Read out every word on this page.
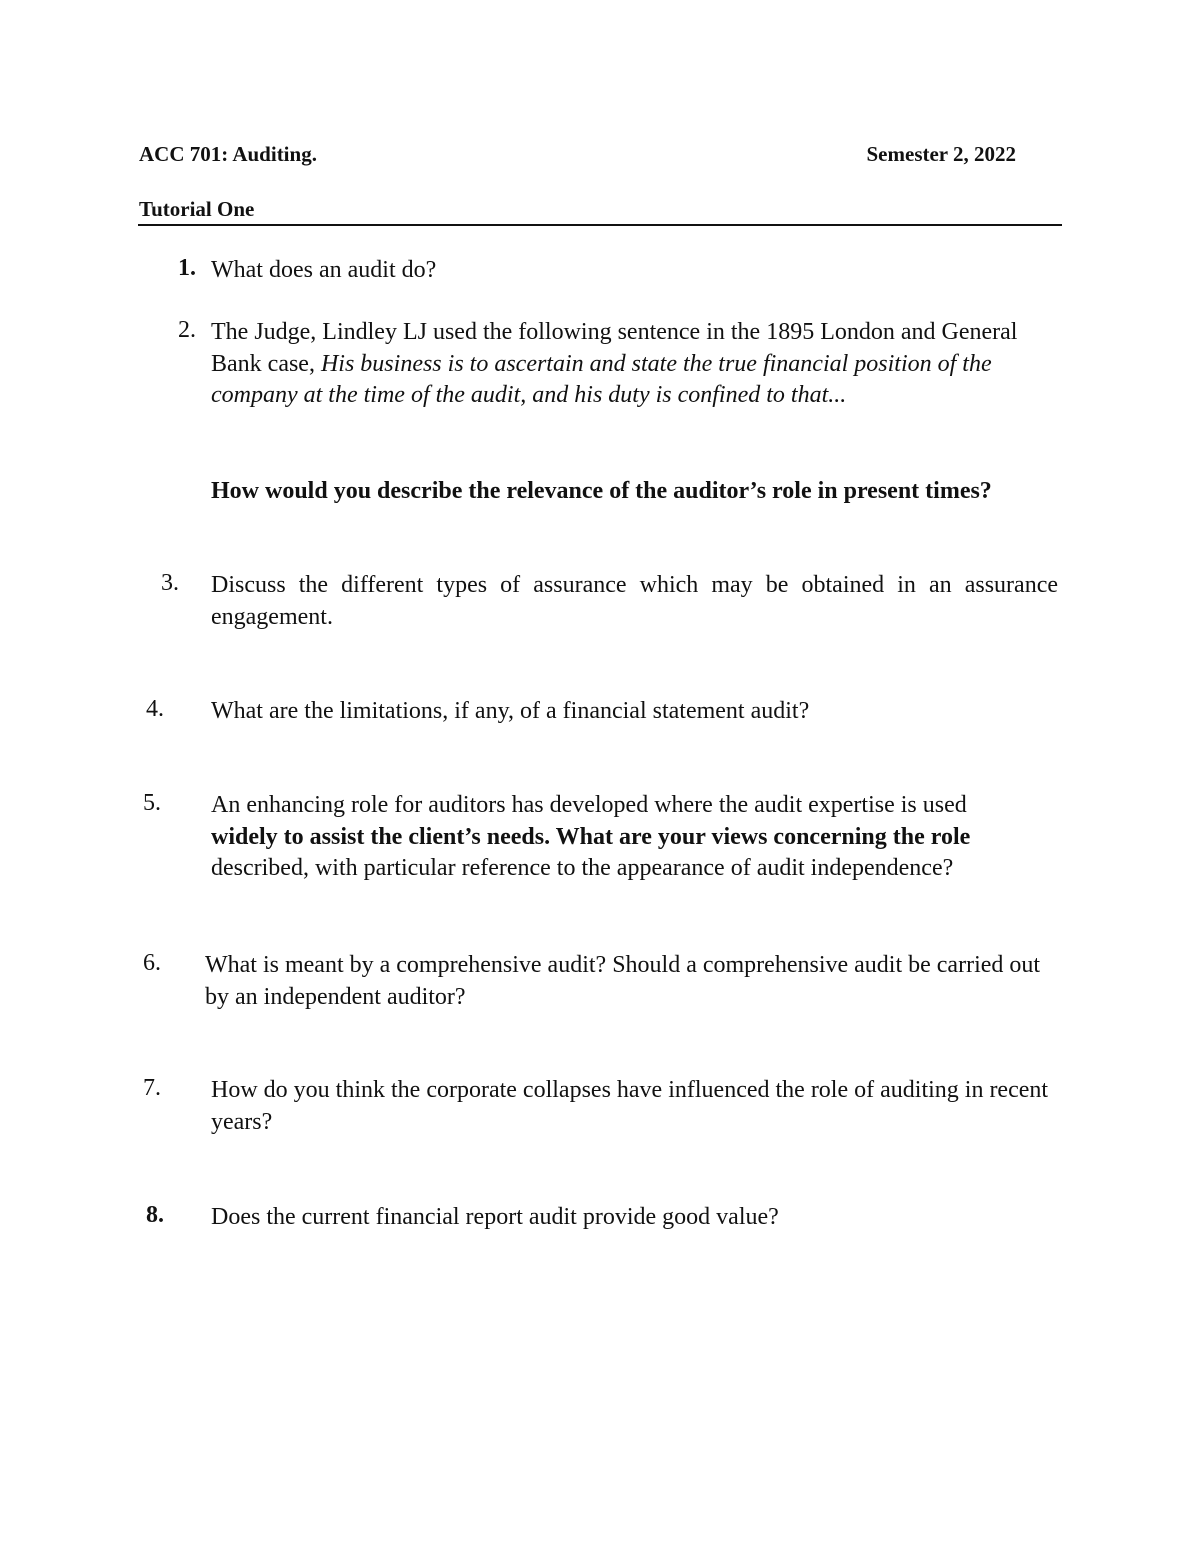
ACC 701: Auditing.	Semester 2, 2022
Tutorial One
1. What does an audit do?
2. The Judge, Lindley LJ used the following sentence in the 1895 London and General Bank case, His business is to ascertain and state the true financial position of the company at the time of the audit, and his duty is confined to that...
How would you describe the relevance of the auditor’s role in present times?
3. Discuss the different types of assurance which may be obtained in an assurance engagement.
4. What are the limitations, if any, of a financial statement audit?
5. An enhancing role for auditors has developed where the audit expertise is used
widely to assist the client’s needs. What are your views concerning the role
described, with particular reference to the appearance of audit independence?
6. What is meant by a comprehensive audit? Should a comprehensive audit be carried out by an independent auditor?
7. How do you think the corporate collapses have influenced the role of auditing in recent years?
8. Does the current financial report audit provide good value?
